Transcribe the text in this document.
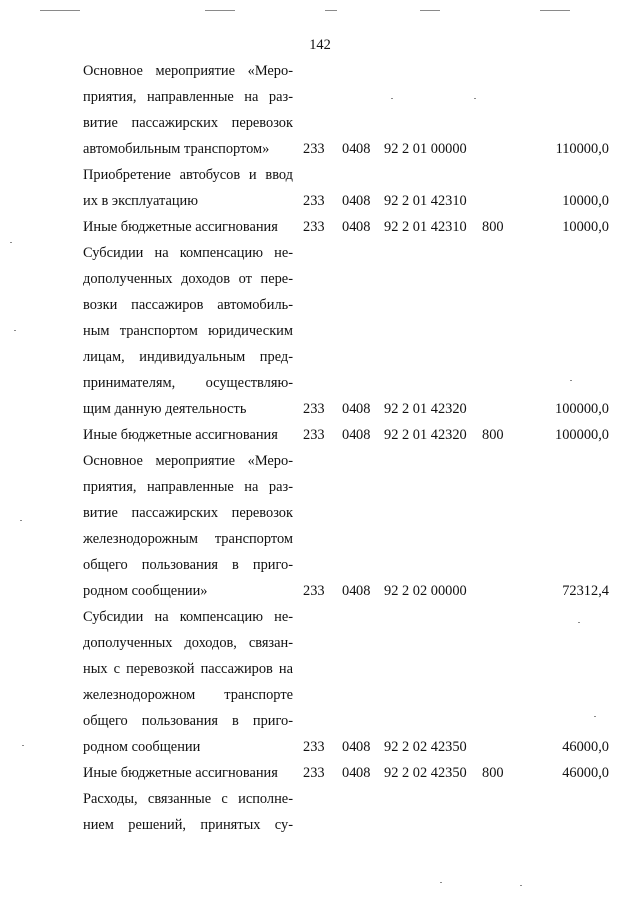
142
Основное мероприятие «Меро-
приятия, направленные на раз-
витие пассажирских перевозок
автомобильным транспортом»	233 04 08 92 2 01 00000	110000,0
Приобретение автобусов и ввод
их в эксплуатацию	233 04 08 92 2 01 42310	10000,0
Иные бюджетные ассигнования	233 04 08 92 2 01 42310 800	10000,0
Субсидии на компенсацию не-
дополученных доходов от пере-
возки пассажиров автомобиль-
ным транспортом юридическим
лицам, индивидуальным пред-
принимателям, осуществляю-
щим данную деятельность	233 04 08 92 2 01 42320	100000,0
Иные бюджетные ассигнования	233 04 08 92 2 01 42320 800	100000,0
Основное мероприятие «Меро-
приятия, направленные на раз-
витие пассажирских перевозок
железнодорожным транспортом
общего пользования в приго-
родном сообщении»	233 04 08 92 2 02 00000	72312,4
Субсидии на компенсацию не-
дополученных доходов, связан-
ных с перевозкой пассажиров на
железнодорожном транспорте
общего пользования в приго-
родном сообщении	233 04 08 92 2 02 42350	46000,0
Иные бюджетные ассигнования	233 04 08 92 2 02 42350 800	46000,0
Расходы, связанные с исполне-
нием решений, принятых су-
